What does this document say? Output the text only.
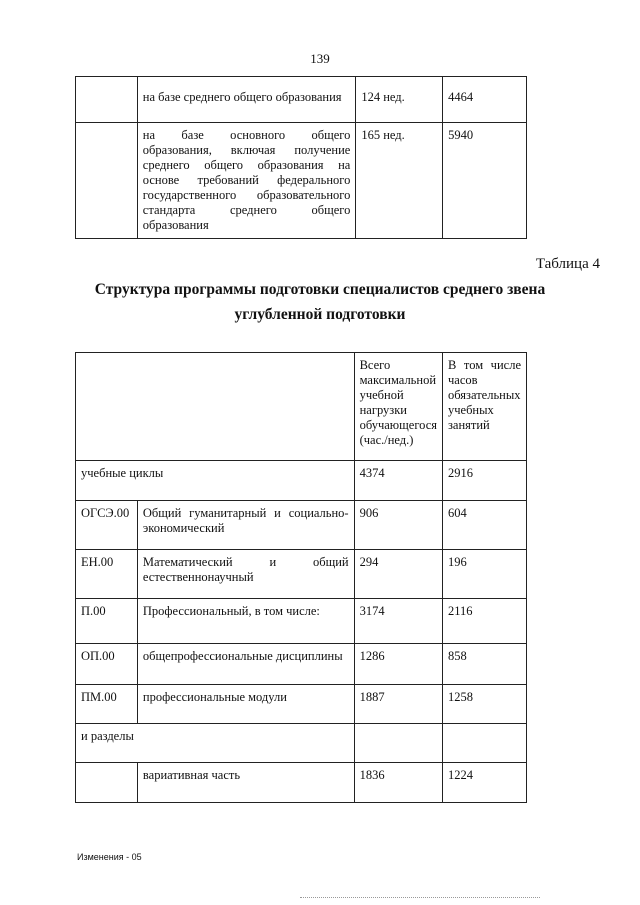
139
	на базе среднего общего образования	124 нед.	4464
	на базе основного общего образования, включая получение среднего общего образования на основе требований федерального государственного образовательного стандарта среднего общего образования	165 нед.	5940
Таблица 4
Структура программы подготовки специалистов среднего звена
углубленной подготовки
		Всего максимальной учебной нагрузки обучающегося (час./нед.)	В том числе часов обязательных учебных занятий
учебные циклы		4374	2916
ОГСЭ.00	Общий гуманитарный и социально-экономический	906	604
ЕН.00	Математический и общий естественнонаучный	294	196
П.00	Профессиональный, в том числе:	3174	2116
ОП.00	общепрофессиональные дисциплины	1286	858
ПМ.00	профессиональные модули	1887	1258
и разделы			
	вариативная часть	1836	1224
Изменения - 05
